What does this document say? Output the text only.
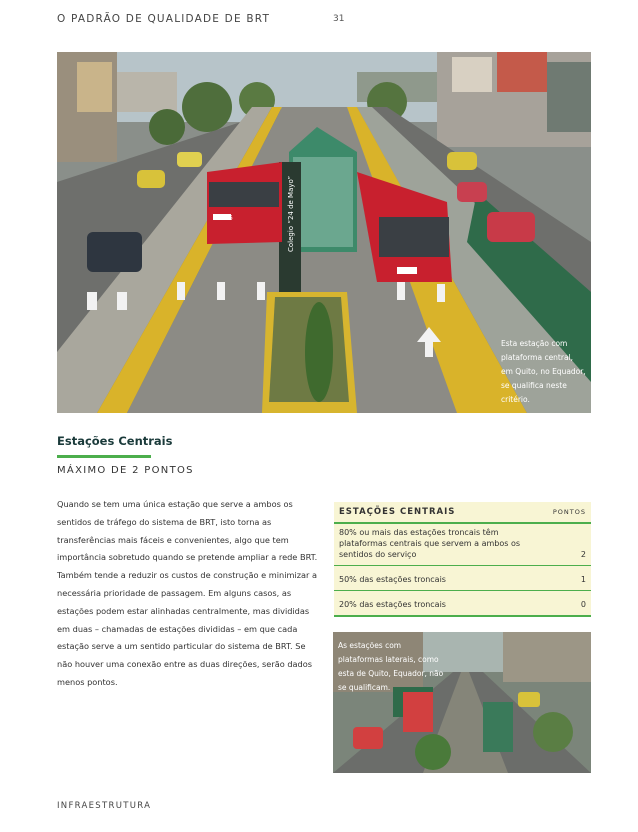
O PADRÃO DE QUALIDADE DE BRT	31
Colegio “24 de Mayo”
D006
D016
Esta estação com plataforma central, em Quito, no Equador, se qualifica neste critério.
Estações Centrais
MÁXIMO DE 2 PONTOS
Quando se tem uma única estação que serve a ambos os sentidos de tráfego do sistema de BRT, isto torna as transferências mais fáceis e convenientes, algo que tem importância sobretudo quando se pretende ampliar a rede BRT. Também tende a reduzir os custos de construção e minimizar a necessária prioridade de passagem. Em alguns casos, as estações podem estar alinhadas centralmente, mas divididas em duas – chamadas de estações divididas – em que cada estação serve a um sentido particular do sistema de BRT. Se não houver uma conexão entre as duas direções, serão dados menos pontos.
ESTAÇÕES CENTRAIS	PONTOS
80% ou mais das estações troncais têm plataformas centrais que servem a ambos os sentidos do serviço	2
50% das estações troncais	1
20% das estações troncais	0
As estações com plataformas laterais, como esta de Quito, Equador, não se qualificam.
INFRAESTRUTURA
